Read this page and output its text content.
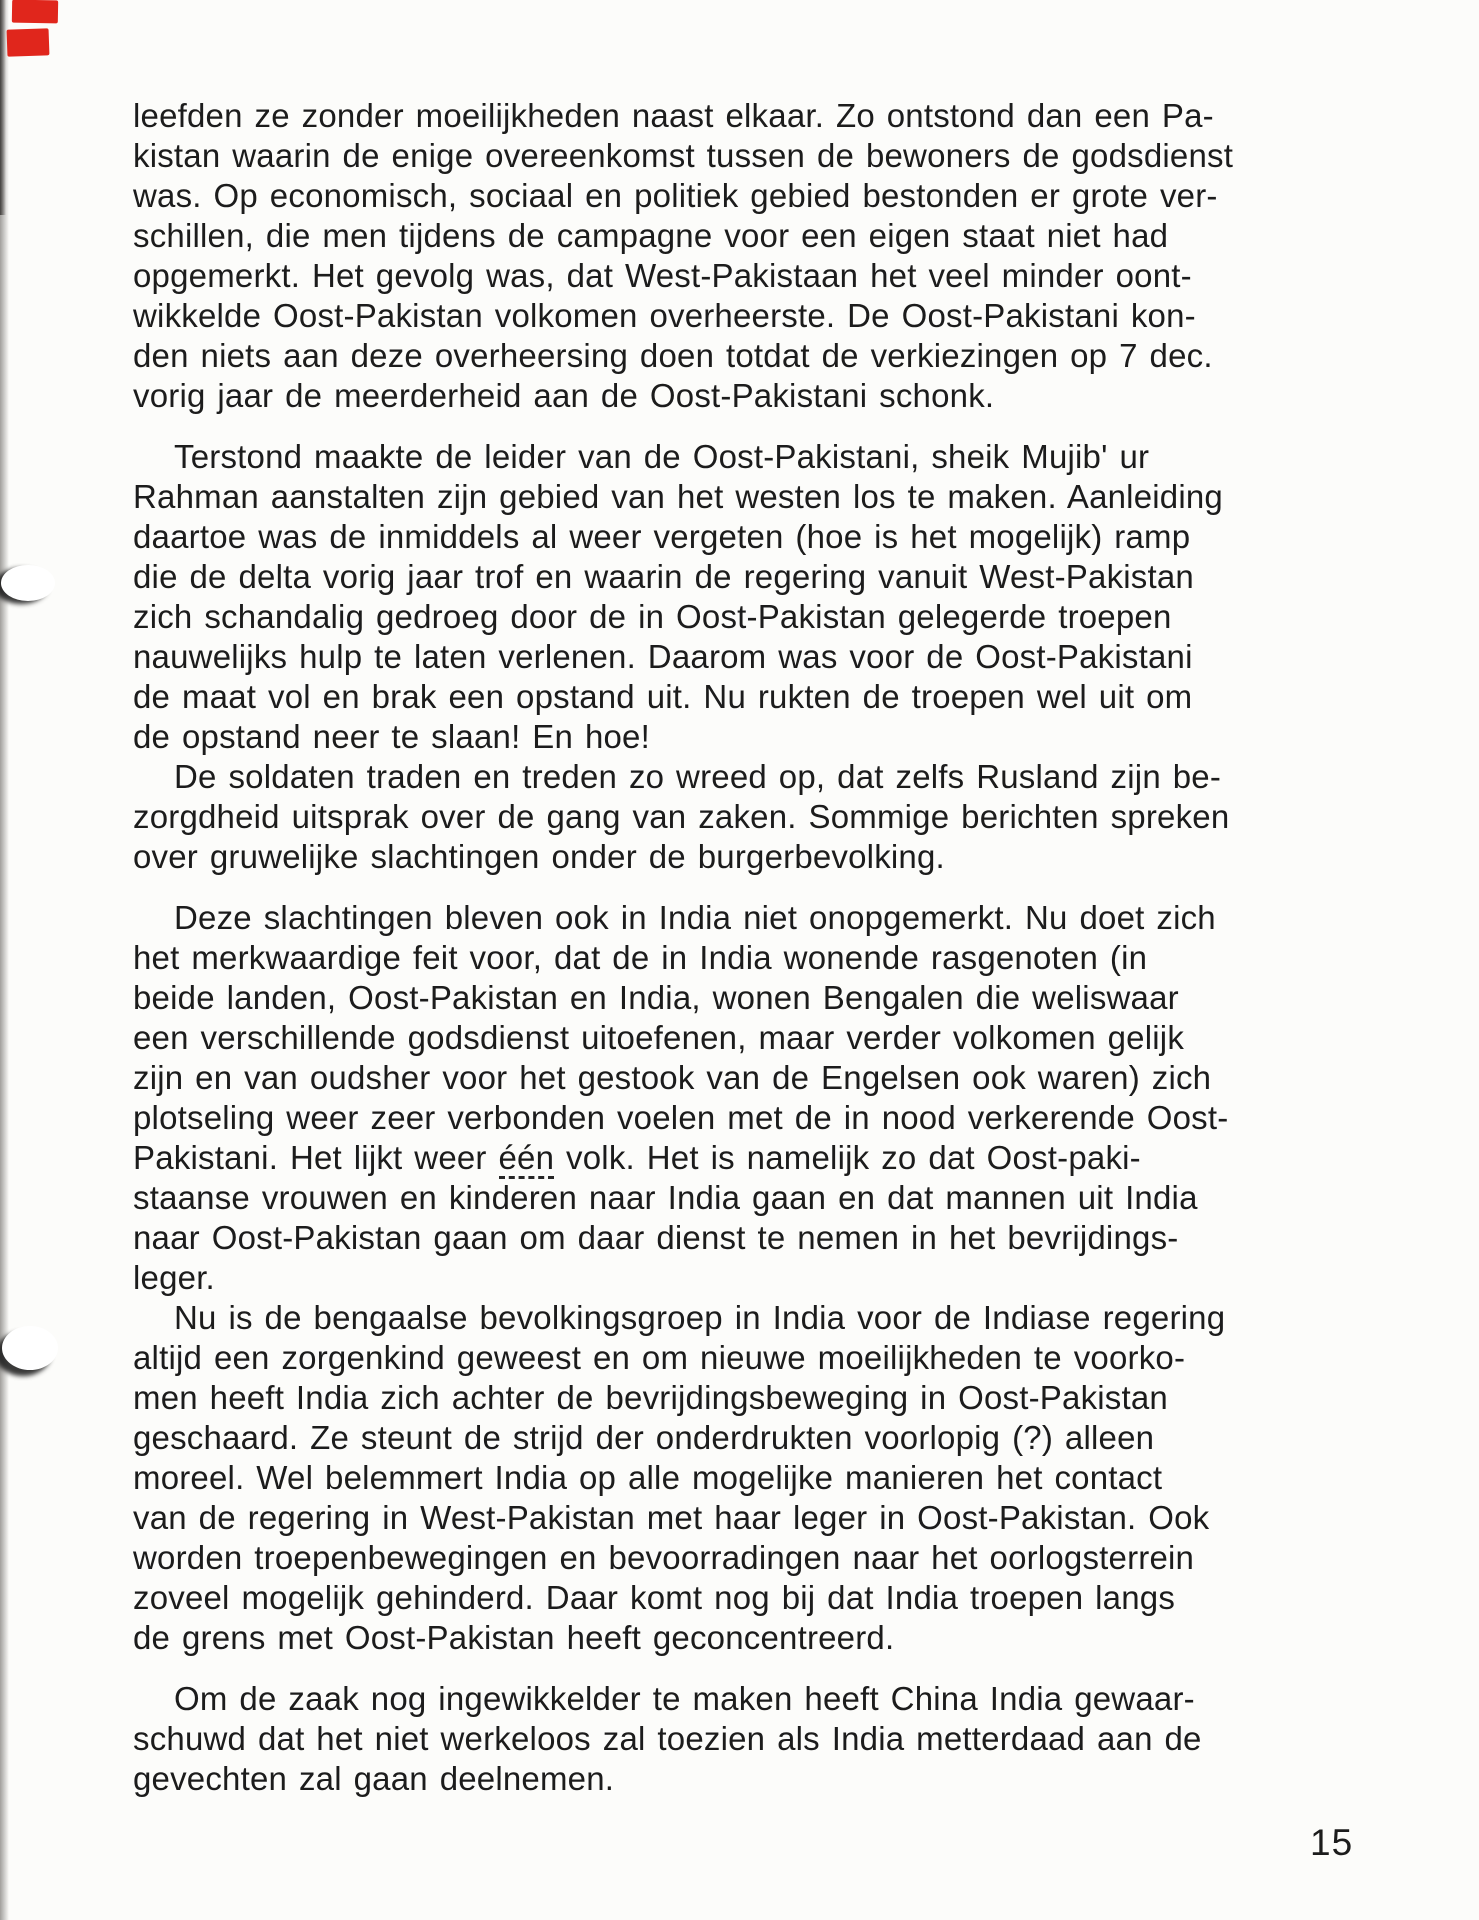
leefden ze zonder moeilijkheden naast elkaar. Zo ontstond dan een Pa-
kistan waarin de enige overeenkomst tussen de bewoners de godsdienst
was. Op economisch, sociaal en politiek gebied bestonden er grote ver-
schillen, die men tijdens de campagne voor een eigen staat niet had
opgemerkt. Het gevolg was, dat West-Pakistaan het veel minder oont-
wikkelde Oost-Pakistan volkomen overheerste. De Oost-Pakistani kon-
den niets aan deze overheersing doen totdat de verkiezingen op 7 dec.
vorig jaar de meerderheid aan de Oost-Pakistani schonk.
Terstond maakte de leider van de Oost-Pakistani, sheik Mujib' ur
Rahman aanstalten zijn gebied van het westen los te maken. Aanleiding
daartoe was de inmiddels al weer vergeten (hoe is het mogelijk) ramp
die de delta vorig jaar trof en waarin de regering vanuit West-Pakistan
zich schandalig gedroeg door de in Oost-Pakistan gelegerde troepen
nauwelijks hulp te laten verlenen. Daarom was voor de Oost-Pakistani
de maat vol en brak een opstand uit. Nu rukten de troepen wel uit om
de opstand neer te slaan! En hoe!
De soldaten traden en treden zo wreed op, dat zelfs Rusland zijn be-
zorgdheid uitsprak over de gang van zaken. Sommige berichten spreken
over gruwelijke slachtingen onder de burgerbevolking.
Deze slachtingen bleven ook in India niet onopgemerkt. Nu doet zich
het merkwaardige feit voor, dat de in India wonende rasgenoten (in
beide landen, Oost-Pakistan en India, wonen Bengalen die weliswaar
een verschillende godsdienst uitoefenen, maar verder volkomen gelijk
zijn en van oudsher voor het gestook van de Engelsen ook waren) zich
plotseling weer zeer verbonden voelen met de in nood verkerende Oost-
Pakistani. Het lijkt weer één volk. Het is namelijk zo dat Oost-paki-
staanse vrouwen en kinderen naar India gaan en dat mannen uit India
naar Oost-Pakistan gaan om daar dienst te nemen in het bevrijdings-
leger.
Nu is de bengaalse bevolkingsgroep in India voor de Indiase regering
altijd een zorgenkind geweest en om nieuwe moeilijkheden te voorko-
men heeft India zich achter de bevrijdingsbeweging in Oost-Pakistan
geschaard. Ze steunt de strijd der onderdrukten voorlopig (?) alleen
moreel. Wel belemmert India op alle mogelijke manieren het contact
van de regering in West-Pakistan met haar leger in Oost-Pakistan. Ook
worden troepenbewegingen en bevoorradingen naar het oorlogsterrein
zoveel mogelijk gehinderd. Daar komt nog bij dat India troepen langs
de grens met Oost-Pakistan heeft geconcentreerd.
Om de zaak nog ingewikkelder te maken heeft China India gewaar-
schuwd dat het niet werkeloos zal toezien als India metterdaad aan de
gevechten zal gaan deelnemen.
15
